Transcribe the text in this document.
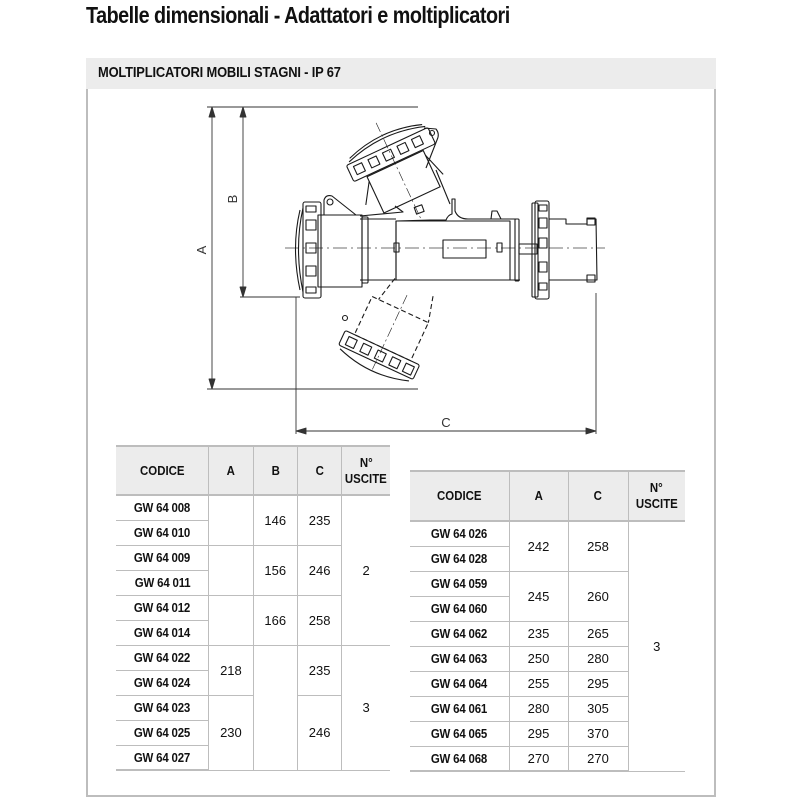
Tabelle dimensionali - Adattatori e moltiplicatori
MOLTIPLICATORI MOBILI STAGNI - IP 67
A
B
C
CODICE	A	B	C	N°
USCITE
GW 64 008		146	235	2
GW 64 010				
GW 64 009		156	246	
GW 64 011				
GW 64 012		166	258	
GW 64 014				
GW 64 022	218		235	3
GW 64 024				
GW 64 023	230		246	
GW 64 025				
GW 64 027				
CODICE	A	C	N°
USCITE
GW 64 026	242	258	3
GW 64 028			
GW 64 059	245	260	
GW 64 060			
GW 64 062	235	265	
GW 64 063	250	280	
GW 64 064	255	295	
GW 64 061	280	305	
GW 64 065	295	370	
GW 64 068	270	270	
